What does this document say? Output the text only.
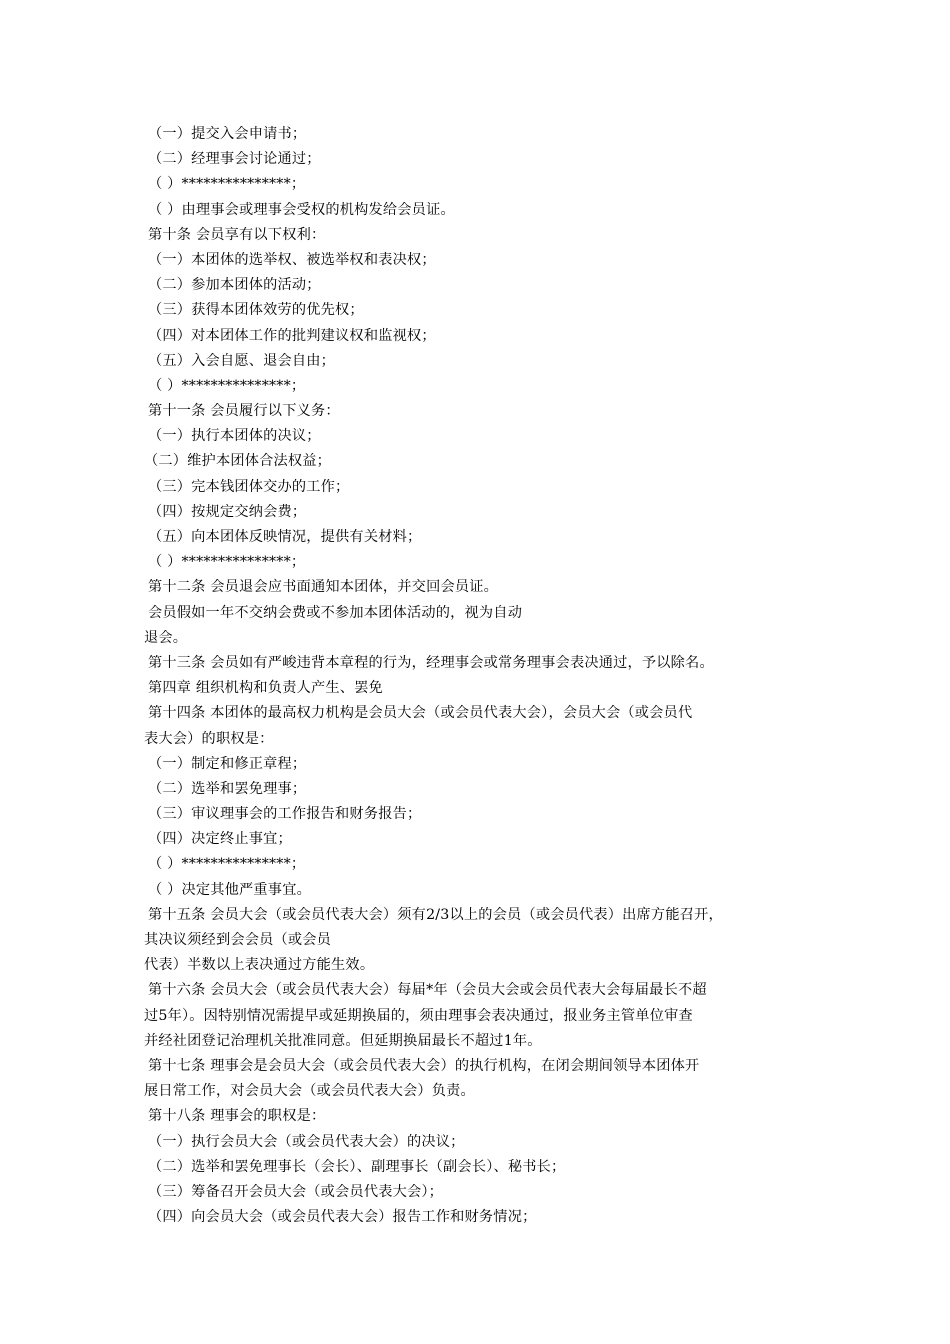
（一）提交入会申请书；
（二）经理事会讨论通过；
（ ）***************；
（ ）由理事会或理事会受权的机构发给会员证。
第十条 会员享有以下权利：
（一）本团体的选举权、被选举权和表决权；
（二）参加本团体的活动；
（三）获得本团体效劳的优先权；
（四）对本团体工作的批判建议权和监视权；
（五）入会自愿、退会自由；
（ ）***************；
第十一条 会员履行以下义务：
（一）执行本团体的决议；
（二）维护本团体合法权益；
（三）完本钱团体交办的工作；
（四）按规定交纳会费；
（五）向本团体反映情况，提供有关材料；
（ ）***************；
第十二条 会员退会应书面通知本团体，并交回会员证。
会员假如一年不交纳会费或不参加本团体活动的，视为自动
退会。
第十三条 会员如有严峻违背本章程的行为，经理事会或常务理事会表决通过，予以除名。
第四章 组织机构和负责人产生、罢免
第十四条 本团体的最高权力机构是会员大会（或会员代表大会），会员大会（或会员代
表大会）的职权是：
（一）制定和修正章程；
（二）选举和罢免理事；
（三）审议理事会的工作报告和财务报告；
（四）决定终止事宜；
（ ）***************；
（ ）决定其他严重事宜。
第十五条 会员大会（或会员代表大会）须有2/3以上的会员（或会员代表）出席方能召开，
其决议须经到会会员（或会员
代表）半数以上表决通过方能生效。
第十六条 会员大会（或会员代表大会）每届*年（会员大会或会员代表大会每届最长不超
过5年）。因特别情况需提早或延期换届的，须由理事会表决通过，报业务主管单位审查
并经社团登记治理机关批准同意。但延期换届最长不超过1年。
第十七条 理事会是会员大会（或会员代表大会）的执行机构，在闭会期间领导本团体开
展日常工作，对会员大会（或会员代表大会）负责。
第十八条 理事会的职权是：
（一）执行会员大会（或会员代表大会）的决议；
（二）选举和罢免理事长（会长）、副理事长（副会长）、秘书长；
（三）筹备召开会员大会（或会员代表大会）；
（四）向会员大会（或会员代表大会）报告工作和财务情况；
